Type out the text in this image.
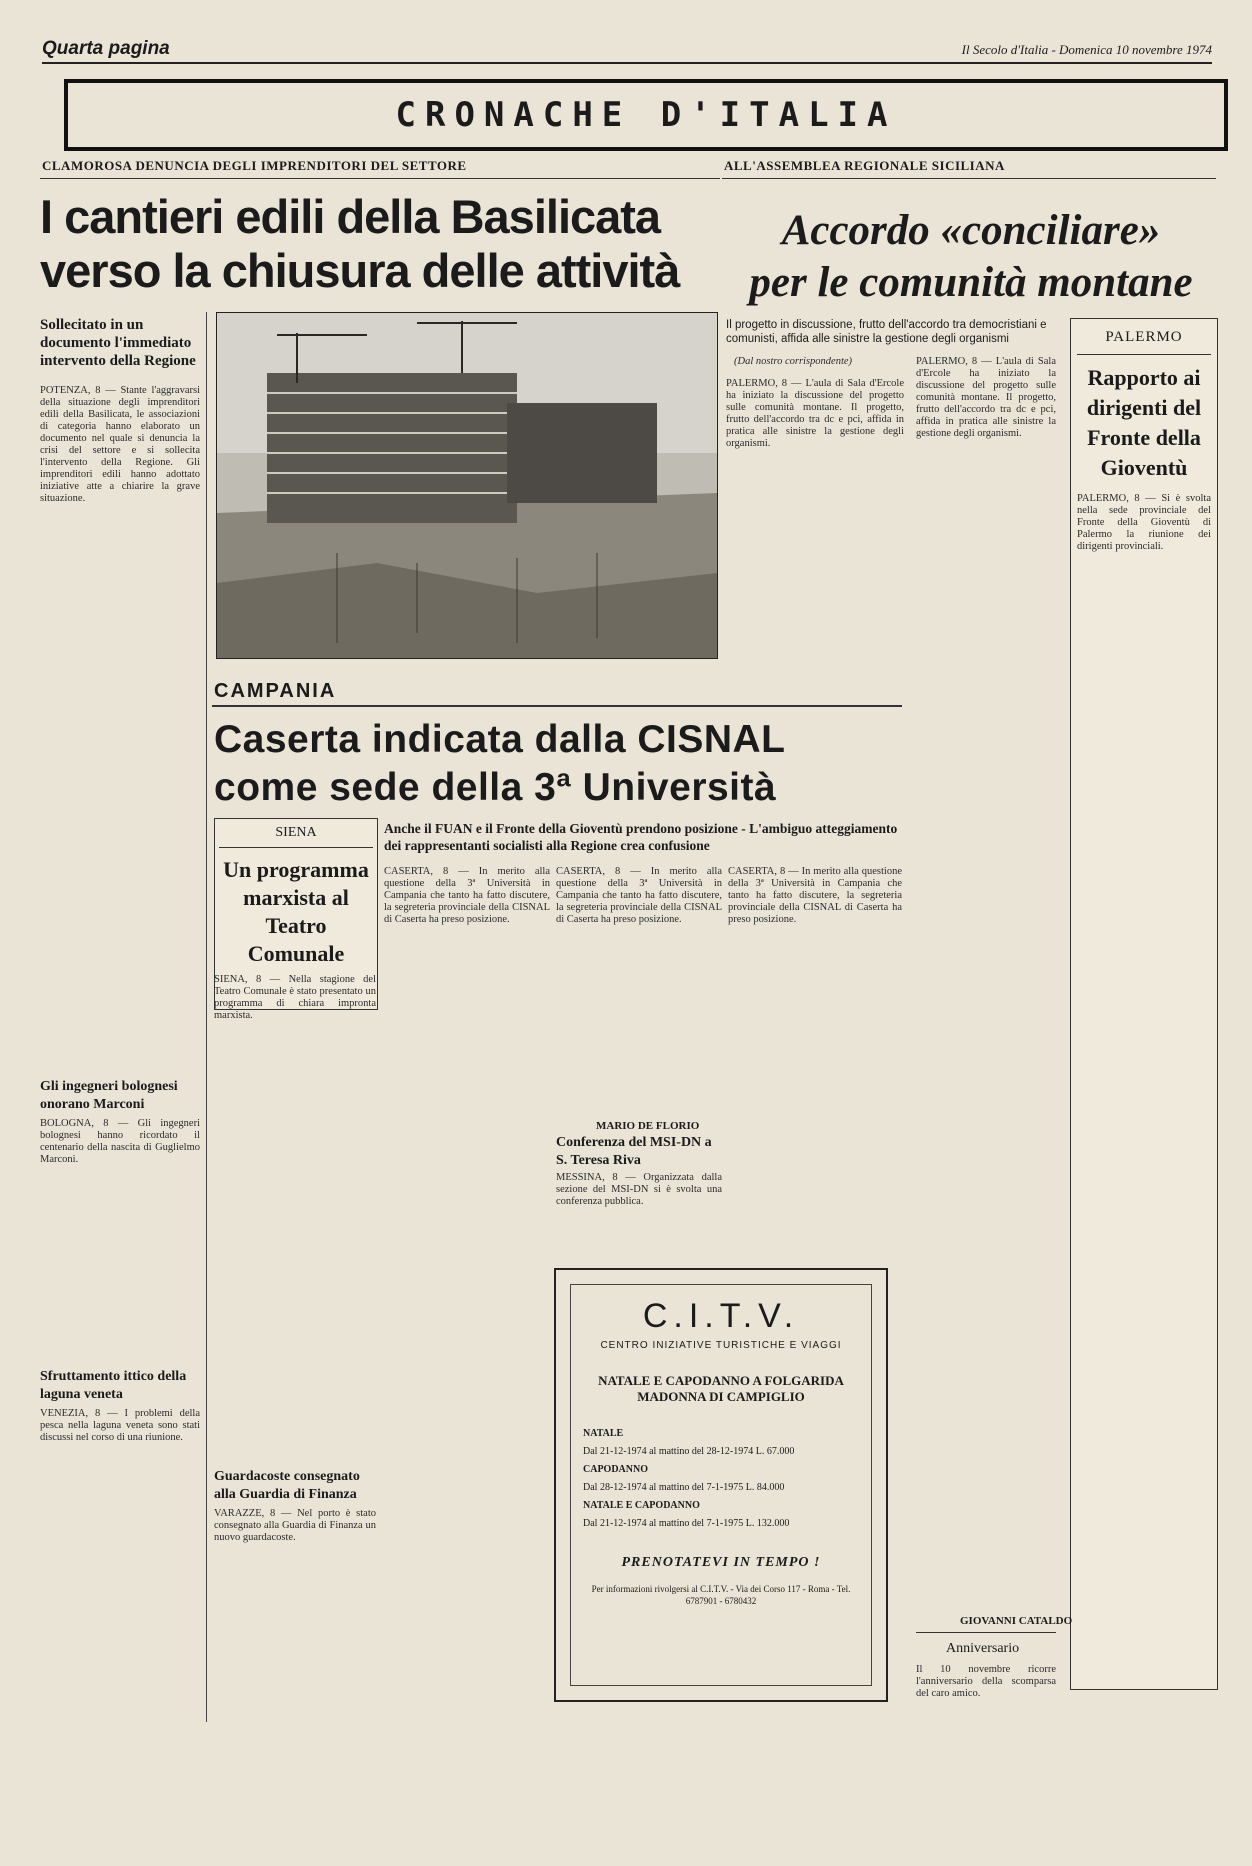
Quarta pagina	Il Secolo d'Italia - Domenica 10 novembre 1974
CRONACHE D'ITALIA
CLAMOROSA DENUNCIA DEGLI IMPRENDITORI DEL SETTORE
I cantieri edili della Basilicata
verso la chiusura delle attività
Sollecitato in un documento l'immediato intervento della Regione
POTENZA, 8 — Stante l'aggravarsi della situazione degli imprenditori edili della Basilicata, le associazioni di categoria hanno elaborato un documento nel quale si denuncia la crisi del settore e si sollecita l'intervento della Regione. Gli imprenditori edili hanno adottato iniziative atte a chiarire la grave situazione.
ALL'ASSEMBLEA REGIONALE SICILIANA
Accordo «conciliare»
per le comunità montane
Il progetto in discussione, frutto dell'accordo tra democristiani e comunisti, affida alle sinistre la gestione degli organismi
(Dal nostro corrispondente)
PALERMO, 8 — L'aula di Sala d'Ercole ha iniziato la discussione del progetto sulle comunità montane. Il progetto, frutto dell'accordo tra dc e pci, affida in pratica alle sinistre la gestione degli organismi.
PALERMO, 8 — L'aula di Sala d'Ercole ha iniziato la discussione del progetto sulle comunità montane. Il progetto, frutto dell'accordo tra dc e pci, affida in pratica alle sinistre la gestione degli organismi.
PALERMO
Rapporto ai dirigenti del Fronte della Gioventù
PALERMO, 8 — Si è svolta nella sede provinciale del Fronte della Gioventù di Palermo la riunione dei dirigenti provinciali.
CAMPANIA
Caserta indicata dalla CISNAL
come sede della 3ª Università
Anche il FUAN e il Fronte della Gioventù prendono posizione - L'ambiguo atteggiamento dei rappresentanti socialisti alla Regione crea confusione
CASERTA, 8 — In merito alla questione della 3ª Università in Campania che tanto ha fatto discutere, la segreteria provinciale della CISNAL di Caserta ha preso posizione.
CASERTA, 8 — In merito alla questione della 3ª Università in Campania che tanto ha fatto discutere, la segreteria provinciale della CISNAL di Caserta ha preso posizione.
CASERTA, 8 — In merito alla questione della 3ª Università in Campania che tanto ha fatto discutere, la segreteria provinciale della CISNAL di Caserta ha preso posizione.
MARIO DE FLORIO
SIENA
Un programma marxista al Teatro Comunale
SIENA, 8 — Nella stagione del Teatro Comunale è stato presentato un programma di chiara impronta marxista.
Gli ingegneri bolognesi onorano Marconi
BOLOGNA, 8 — Gli ingegneri bolognesi hanno ricordato il centenario della nascita di Guglielmo Marconi.
Sfruttamento ittico della laguna veneta
VENEZIA, 8 — I problemi della pesca nella laguna veneta sono stati discussi nel corso di una riunione.
Conferenza del MSI-DN a S. Teresa Riva
MESSINA, 8 — Organizzata dalla sezione del MSI-DN si è svolta una conferenza pubblica.
Guardacoste consegnato alla Guardia di Finanza
VARAZZE, 8 — Nel porto è stato consegnato alla Guardia di Finanza un nuovo guardacoste.
C.I.T.V.
CENTRO INIZIATIVE TURISTICHE E VIAGGI
NATALE E CAPODANNO A FOLGARIDA MADONNA DI CAMPIGLIO
NATALE
Dal 21-12-1974 al mattino del 28-12-1974 L. 67.000
CAPODANNO
Dal 28-12-1974 al mattino del 7-1-1975 L. 84.000
NATALE E CAPODANNO
Dal 21-12-1974 al mattino del 7-1-1975 L. 132.000
PRENOTATEVI IN TEMPO !
Per informazioni rivolgersi al C.I.T.V. - Via dei Corso 117 - Roma - Tel. 6787901 - 6780432
GIOVANNI CATALDO
Anniversario
Il 10 novembre ricorre l'anniversario della scomparsa del caro amico.
